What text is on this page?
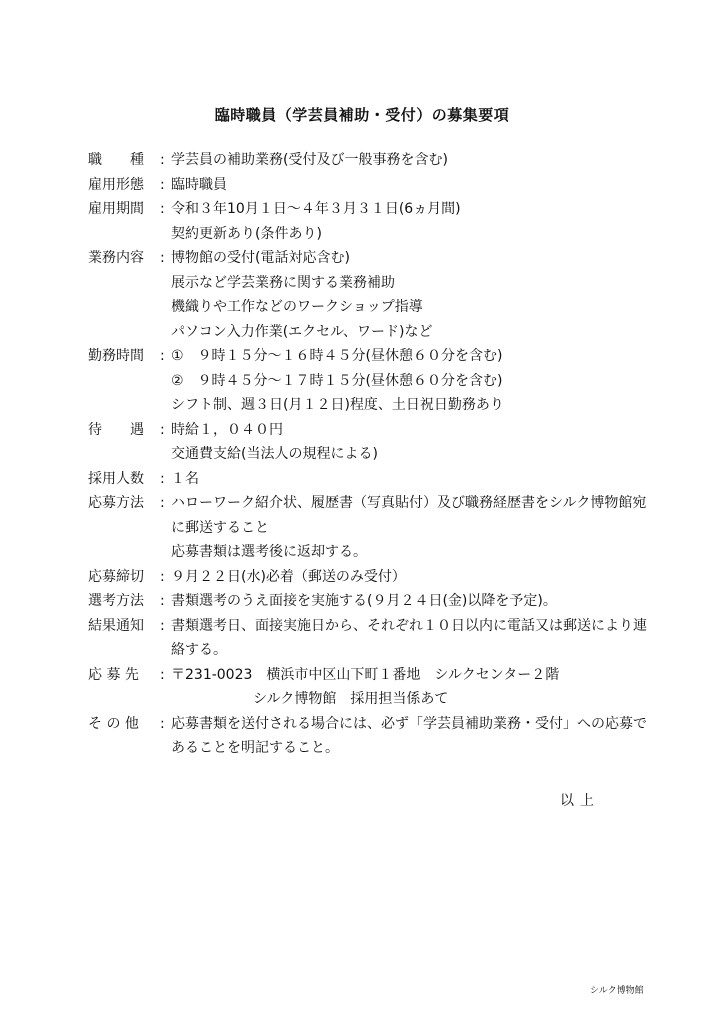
臨時職員（学芸員補助・受付）の募集要項
職　　種	: 学芸員の補助業務(受付及び一般事務を含む)
雇用形態	: 臨時職員
雇用期間	: 令和３年10月１日～４年３月３１日(6ヵ月間)
契約更新あり(条件あり)
業務内容	: 博物館の受付(電話対応含む)
展示など学芸業務に関する業務補助
機織りや工作などのワークショップ指導
パソコン入力作業(エクセル、ワード)など
勤務時間	: ①　９時１５分～１６時４５分(昼休憩６０分を含む)
②　９時４５分～１７時１５分(昼休憩６０分を含む)
シフト制、週３日(月１２日)程度、土日祝日勤務あり
待　　遇	: 時給１，０４０円
交通費支給(当法人の規程による)
採用人数	: １名
応募方法	: ハローワーク紹介状、履歴書（写真貼付）及び職務経歴書をシルク博物館宛に郵送すること
応募書類は選考後に返却する。
応募締切	: ９月２２日(水)必着（郵送のみ受付）
選考方法	: 書類選考のうえ面接を実施する(９月２４日(金)以降を予定)。
結果通知	: 書類選考日、面接実施日から、それぞれ１０日以内に電話又は郵送により連絡する。
応 募 先	: 〒231-0023　横浜市中区山下町１番地　シルクセンター２階
シルク博物館　採用担当係あて
そ の 他	: 応募書類を送付される場合には、必ず「学芸員補助業務・受付」への応募であることを明記すること。
以上
シルク博物館
